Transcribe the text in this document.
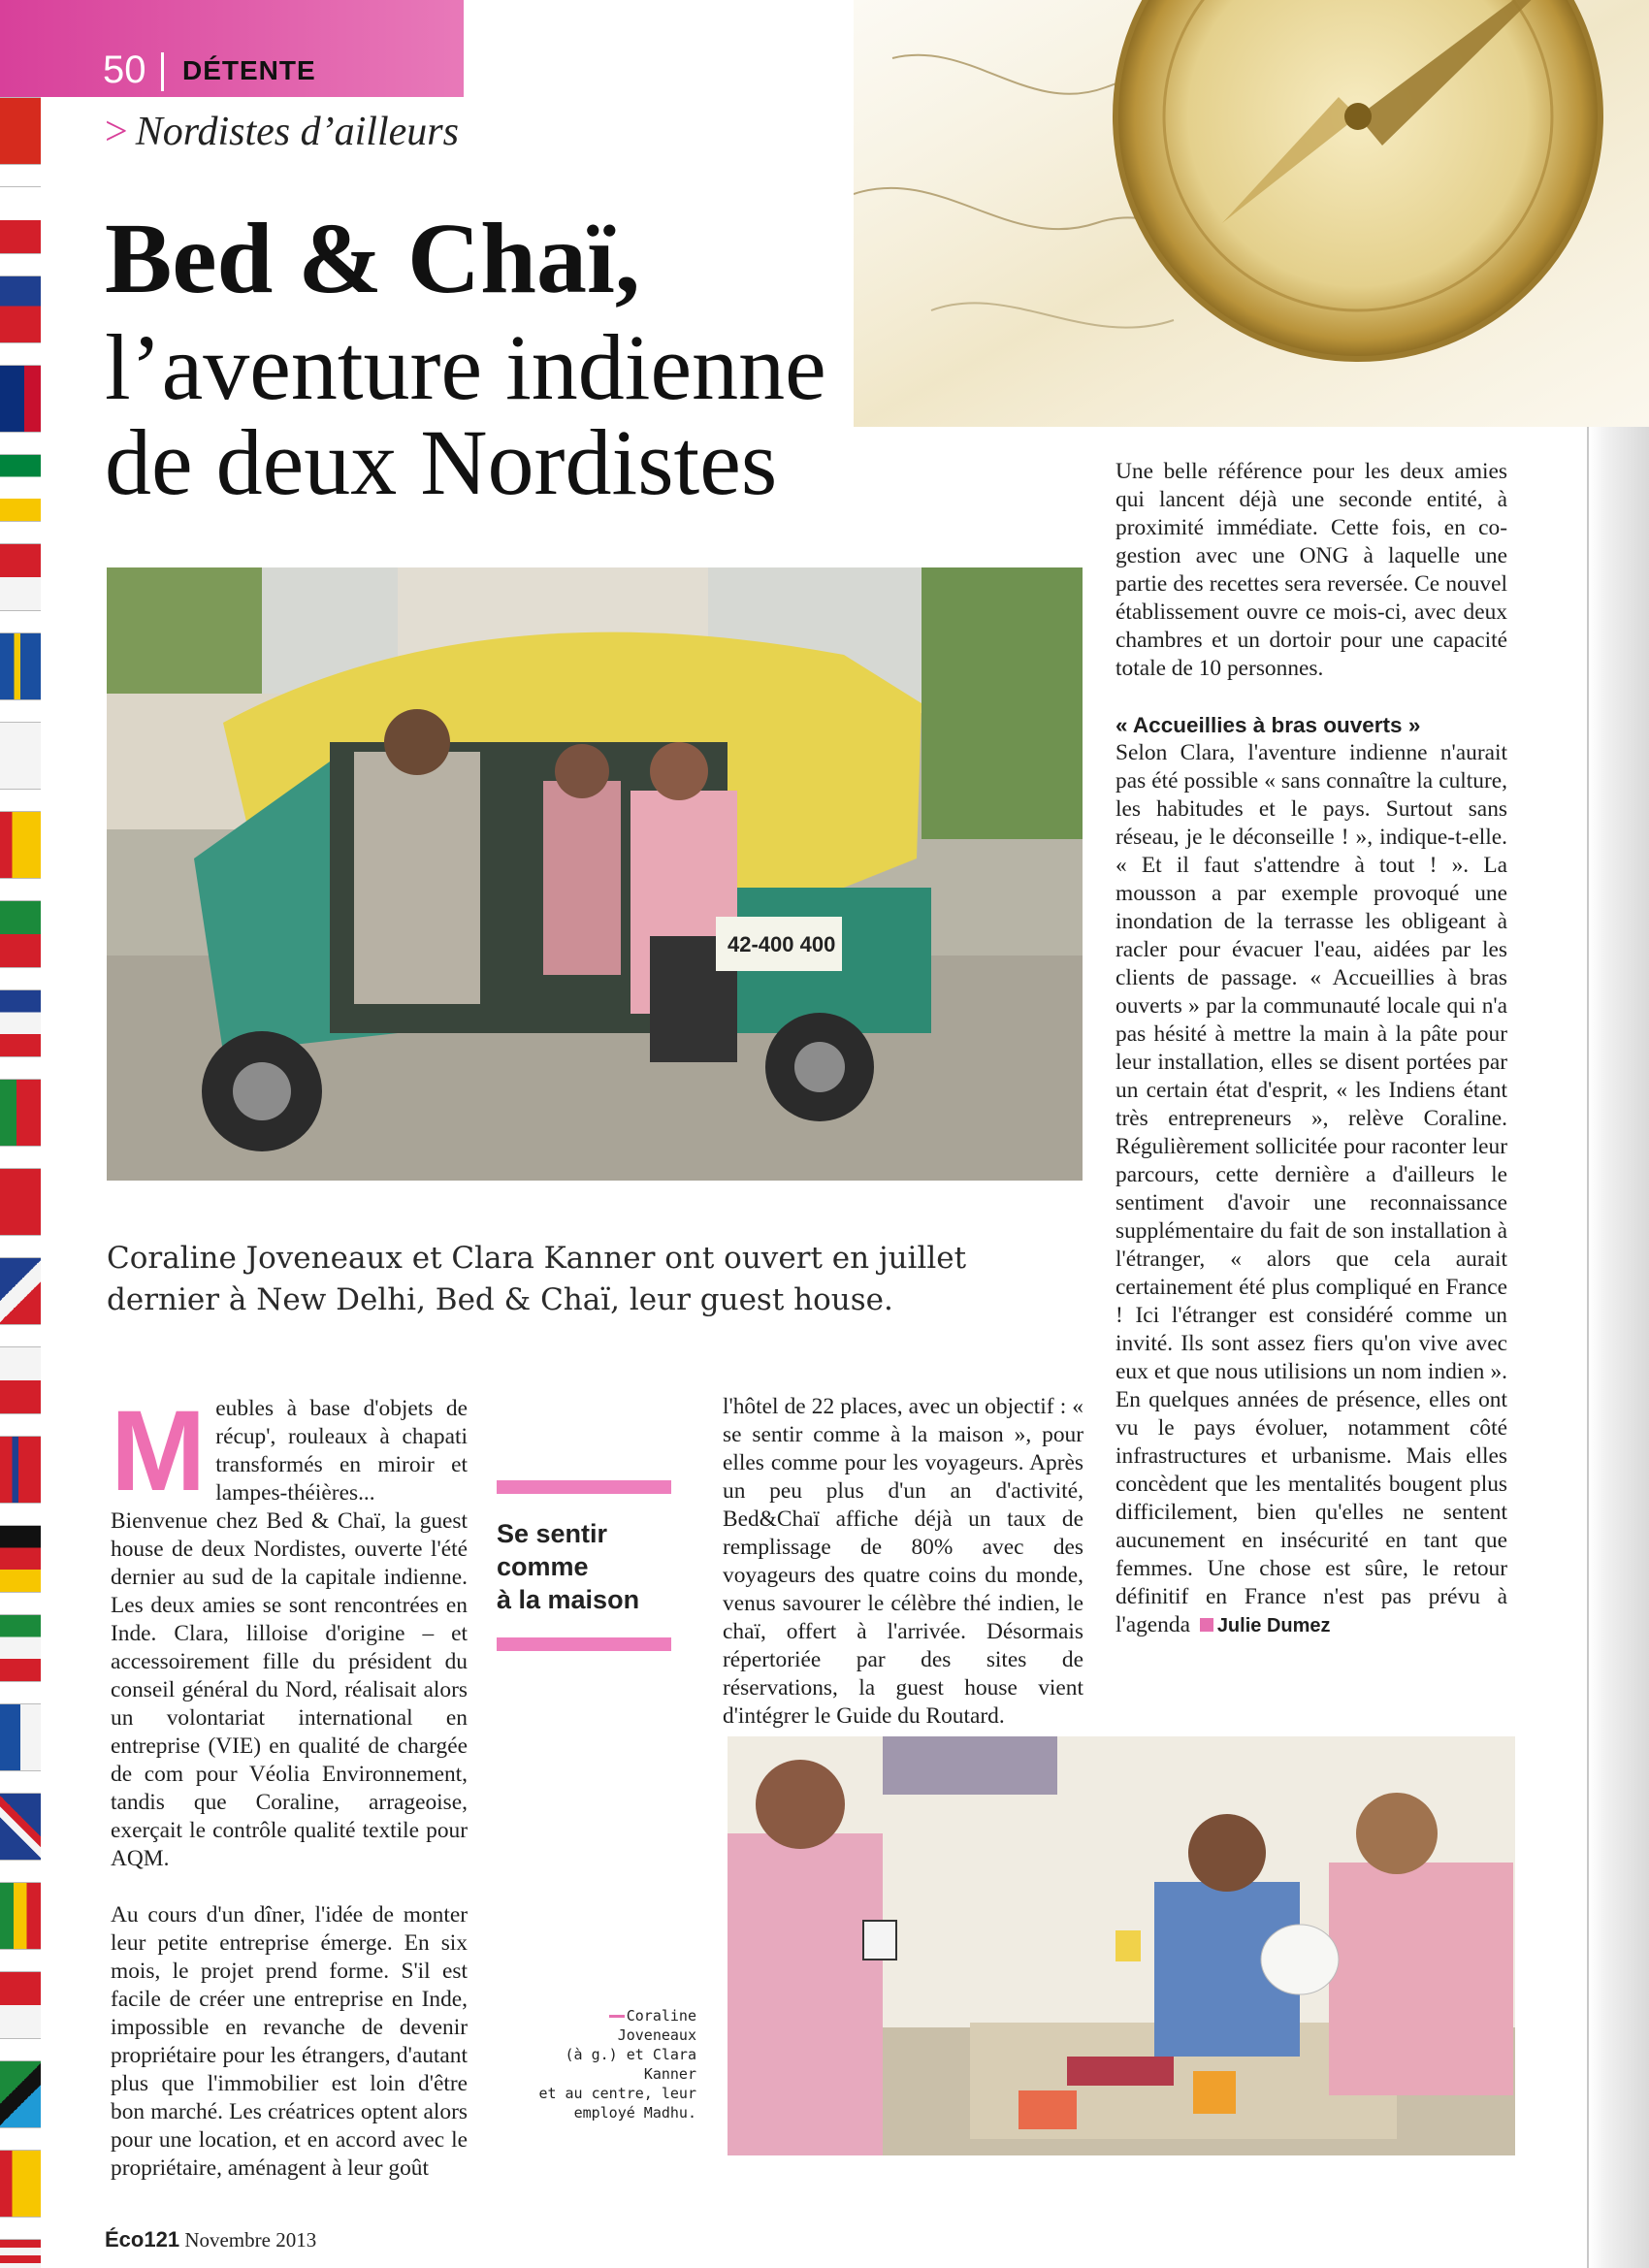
50 DÉTENTE
> Nordistes d’ailleurs
Bed & Chaï,
l’aventure indienne
de deux Nordistes
42-400 400
Coraline Joveneaux et Clara Kanner ont ouvert en juillet dernier à New Delhi, Bed & Chaï, leur guest house.

Meubles à base d'objets de récup', rouleaux à chapati transformés en miroir et lampes-théières... Bienvenue chez Bed & Chaï, la guest house de deux Nordistes, ouverte l'été dernier au sud de la capitale indienne. Les deux amies se sont rencontrées en Inde. Clara, lilloise d'origine – et accessoirement fille du président du conseil général du Nord, réalisait alors un volontariat international en entreprise (VIE) en qualité de chargée de com pour Véolia Environnement, tandis que Coraline, arrageoise, exerçait le contrôle qualité textile pour AQM.

Au cours d'un dîner, l'idée de monter leur petite entreprise émerge. En six mois, le projet prend forme. S'il est facile de créer une entreprise en Inde, impossible en revanche de devenir propriétaire pour les étrangers, d'autant plus que l'immobilier est loin d'être bon marché. Les créatrices optent alors pour une location, et en accord avec le propriétaire, aménagent à leur goût

Se sentir
comme
à la maison

l'hôtel de 22 places, avec un objectif : « se sentir comme à la maison », pour elles comme pour les voyageurs. Après un peu plus d'un an d'activité, Bed&Chaï affiche déjà un taux de remplissage de 80% avec des voyageurs des quatre coins du monde, venus savourer le célèbre thé indien, le chaï, offert à l'arrivée. Désormais répertoriée par des sites de réservations, la guest house vient d'intégrer le Guide du Routard.

Une belle référence pour les deux amies qui lancent déjà une seconde entité, à proximité immédiate. Cette fois, en co-gestion avec une ONG à laquelle une partie des recettes sera reversée. Ce nouvel établissement ouvre ce mois-ci, avec deux chambres et un dortoir pour une capacité totale de 10 personnes.

« Accueillies à bras ouverts »

Selon Clara, l'aventure indienne n'aurait pas été possible « sans connaître la culture, les habitudes et le pays. Surtout sans réseau, je le déconseille ! », indique-t-elle. « Et il faut s'attendre à tout ! ». La mousson a par exemple provoqué une inondation de la terrasse les obligeant à racler pour évacuer l'eau, aidées par les clients de passage. « Accueillies à bras ouverts » par la communauté locale qui n'a pas hésité à mettre la main à la pâte pour leur installation, elles se disent portées par un certain état d'esprit, « les Indiens étant très entrepreneurs », relève Coraline. Régulièrement sollicitée pour raconter leur parcours, cette dernière a d'ailleurs le sentiment d'avoir une reconnaissance supplémentaire du fait de son installation à l'étranger, « alors que cela aurait certainement été plus compliqué en France ! Ici l'étranger est considéré comme un invité. Ils sont assez fiers qu'on vive avec eux et que nous utilisions un nom indien ». En quelques années de présence, elles ont vu le pays évoluer, notamment côté infrastructures et urbanisme. Mais elles concèdent que les mentalités bougent plus difficilement, bien qu'elles ne sentent aucunement en insécurité en tant que femmes. Une chose est sûre, le retour définitif en France n'est pas prévu à l'agenda Julie Dumez

Coraline Joveneaux
(à g.) et Clara Kanner
et au centre, leur
employé Madhu.
Éco121 Novembre 2013
